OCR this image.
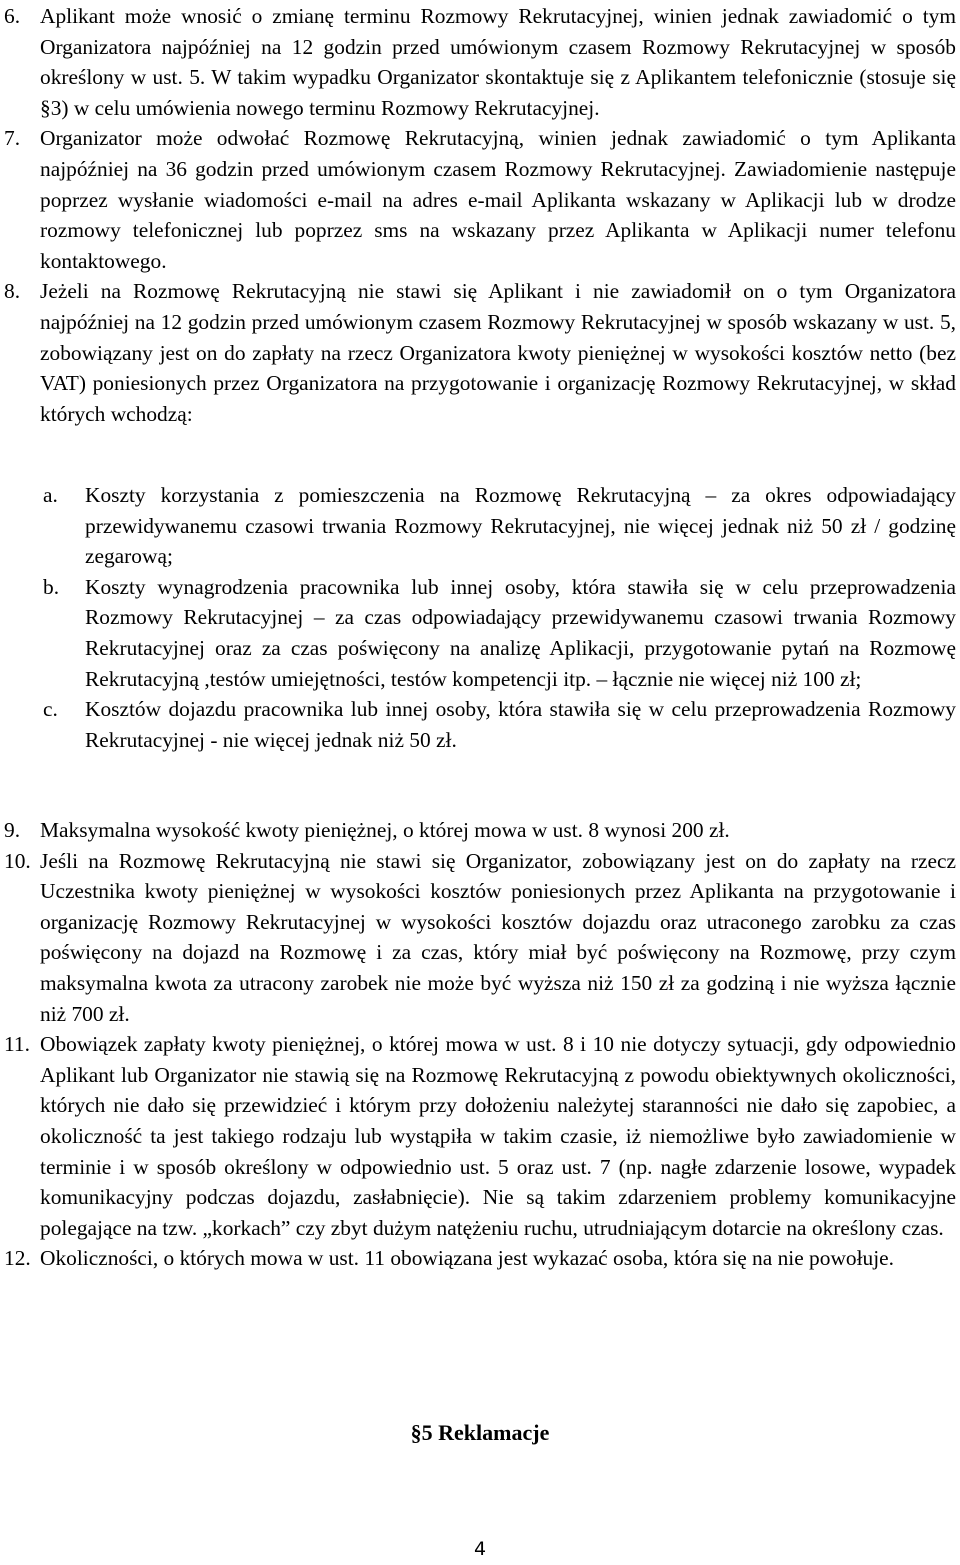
6. Aplikant może wnosić o zmianę terminu Rozmowy Rekrutacyjnej, winien jednak zawiadomić o tym Organizatora najpóźniej na 12 godzin przed umówionym czasem Rozmowy Rekrutacyjnej w sposób określony w ust. 5. W takim wypadku Organizator skontaktuje się z Aplikantem telefonicznie (stosuje się §3) w celu umówienia nowego terminu Rozmowy Rekrutacyjnej.
7. Organizator może odwołać Rozmowę Rekrutacyjną, winien jednak zawiadomić o tym Aplikanta najpóźniej na 36 godzin przed umówionym czasem Rozmowy Rekrutacyjnej. Zawiadomienie następuje poprzez wysłanie wiadomości e-mail na adres e-mail Aplikanta wskazany w Aplikacji lub w drodze rozmowy telefonicznej lub poprzez sms na wskazany przez Aplikanta w Aplikacji numer telefonu kontaktowego.
8. Jeżeli na Rozmowę Rekrutacyjną nie stawi się Aplikant i nie zawiadomił on o tym Organizatora najpóźniej na 12 godzin przed umówionym czasem Rozmowy Rekrutacyjnej w sposób wskazany w ust. 5, zobowiązany jest on do zapłaty na rzecz Organizatora kwoty pieniężnej w wysokości kosztów netto (bez VAT) poniesionych przez Organizatora na przygotowanie i organizację Rozmowy Rekrutacyjnej, w skład których wchodzą:
a. Koszty korzystania z pomieszczenia na Rozmowę Rekrutacyjną – za okres odpowiadający przewidywanemu czasowi trwania Rozmowy Rekrutacyjnej, nie więcej jednak niż 50 zł / godzinę zegarową;
b. Koszty wynagrodzenia pracownika lub innej osoby, która stawiła się w celu przeprowadzenia Rozmowy Rekrutacyjnej – za czas odpowiadający przewidywanemu czasowi trwania Rozmowy Rekrutacyjnej oraz za czas poświęcony na analizę Aplikacji, przygotowanie pytań na Rozmowę Rekrutacyjną ,testów umiejętności, testów kompetencji itp. – łącznie nie więcej niż 100 zł;
c. Kosztów dojazdu pracownika lub innej osoby, która stawiła się w celu przeprowadzenia Rozmowy Rekrutacyjnej - nie więcej jednak niż 50 zł.
9. Maksymalna wysokość kwoty pieniężnej, o której mowa w ust. 8 wynosi 200 zł.
10. Jeśli na Rozmowę Rekrutacyjną nie stawi się Organizator, zobowiązany jest on do zapłaty na rzecz Uczestnika kwoty pieniężnej w wysokości kosztów poniesionych przez Aplikanta na przygotowanie i organizację Rozmowy Rekrutacyjnej w wysokości kosztów dojazdu oraz utraconego zarobku za czas poświęcony na dojazd na Rozmowę i za czas, który miał być poświęcony na Rozmowę, przy czym maksymalna kwota za utracony zarobek nie może być wyższa niż 150 zł za godziną i nie wyższa łącznie niż 700 zł.
11. Obowiązek zapłaty kwoty pieniężnej, o której mowa w ust. 8 i 10 nie dotyczy sytuacji, gdy odpowiednio Aplikant lub Organizator nie stawią się na Rozmowę Rekrutacyjną z powodu obiektywnych okoliczności, których nie dało się przewidzieć i którym przy dołożeniu należytej staranności nie dało się zapobiec, a okoliczność ta jest takiego rodzaju lub wystąpiła w takim czasie, iż niemożliwe było zawiadomienie w terminie i w sposób określony w odpowiednio ust. 5 oraz ust. 7 (np. nagłe zdarzenie losowe, wypadek komunikacyjny podczas dojazdu, zasłabnięcie). Nie są takim zdarzeniem problemy komunikacyjne polegające na tzw. „korkach” czy zbyt dużym natężeniu ruchu, utrudniającym dotarcie na określony czas.
12. Okoliczności, o których mowa w ust. 11 obowiązana jest wykazać osoba, która się na nie powołuje.
§5 Reklamacje
4
